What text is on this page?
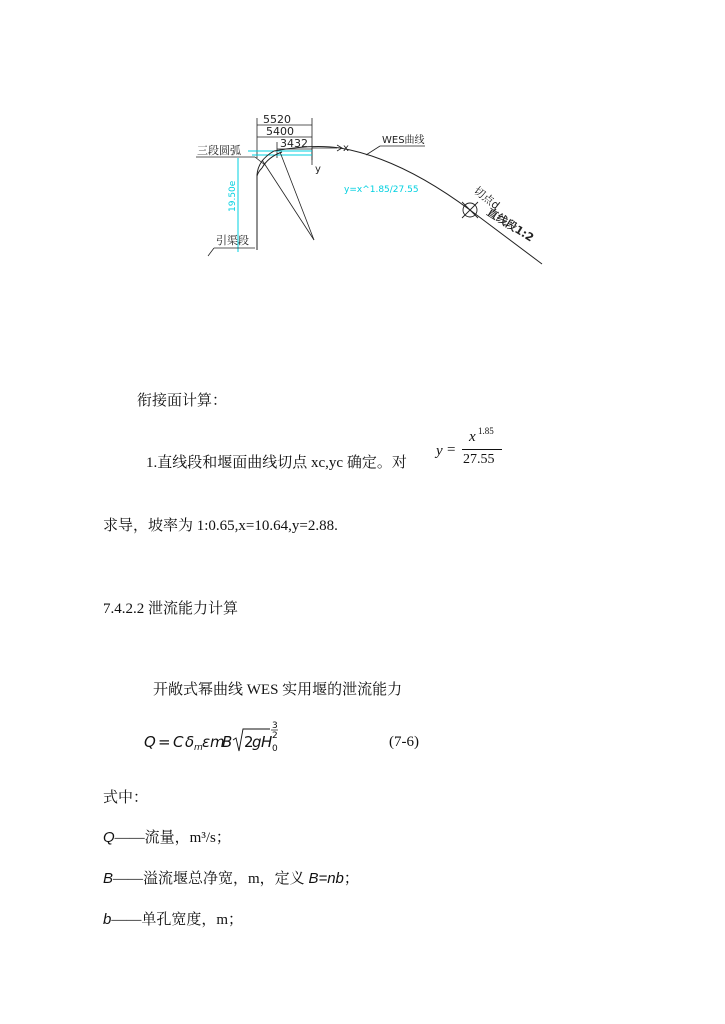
5520
5400
3432	x
y
三段圆弧
WES曲线
y=x^1.85/27.55	切点d
直线段1:2
19.50e
引渠段
衔接面计算：
1.直线段和堰面曲线切点 xc,yc 确定。对
y =
x 1.85
27.55
求导，坡率为 1:0.65,x=10.64,y=2.88.
7.4.2.2 泄流能力计算
开敞式幂曲线 WES 实用堰的泄流能力
Q = C δ m ε m
B 2
g H 0
3
2	(7-6)
式中：
Q——流量，m³/s；
B——溢流堰总净宽，m，定义 B=nb；
b——单孔宽度，m；
